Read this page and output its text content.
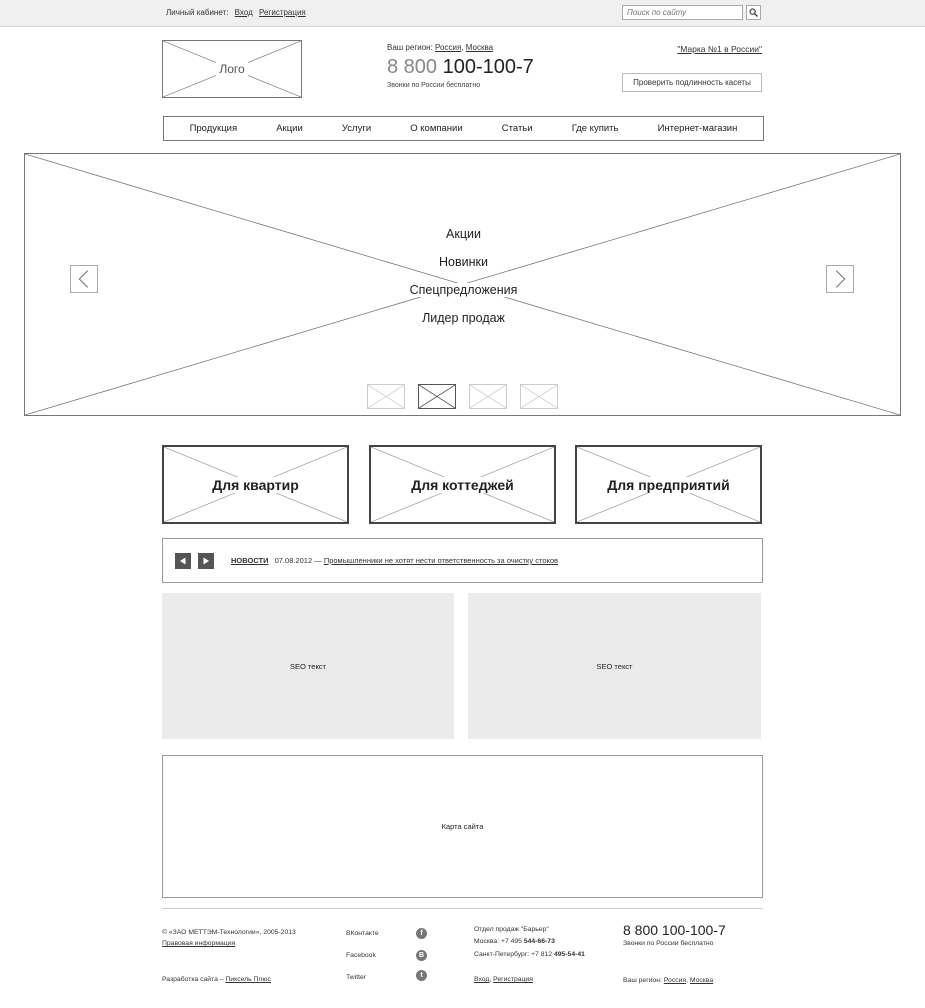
Личный кабинет: Вход Регистрация
Поиск по сайту
Лого
Ваш регион: Россия, Москва
8 800 100-100-7
Звонки по России бесплатно
"Марка №1 в России"
Проверить подлинность касеты
Продукция	Акции	Услуги	О компании	Статьи	Где купить	Интернет-магазин
Акции
Новинки
Спецпредложения
Лидер продаж
Для квартир	Для коттеджей	Для предприятий
НОВОСТИ 07.08.2012 — Промышленники не хотят нести ответственность за очистку стоков
SEO текст	SEO текст
Карта сайта
© «ЗАО МЕТТЭМ-Технологии», 2005-2013
Правовая информация
Разработка сайта – Пиксель Плюс
ВКонтакте	f
Facebook	В
Twitter	t
Отдел продаж "Барьер"
Москва: +7 495 544-66-73
Санкт-Петербург: +7 812 495-54-41
Вход, Регистрация
8 800 100-100-7
Звонки по России бесплатно
Ваш регион: Россия, Москва
